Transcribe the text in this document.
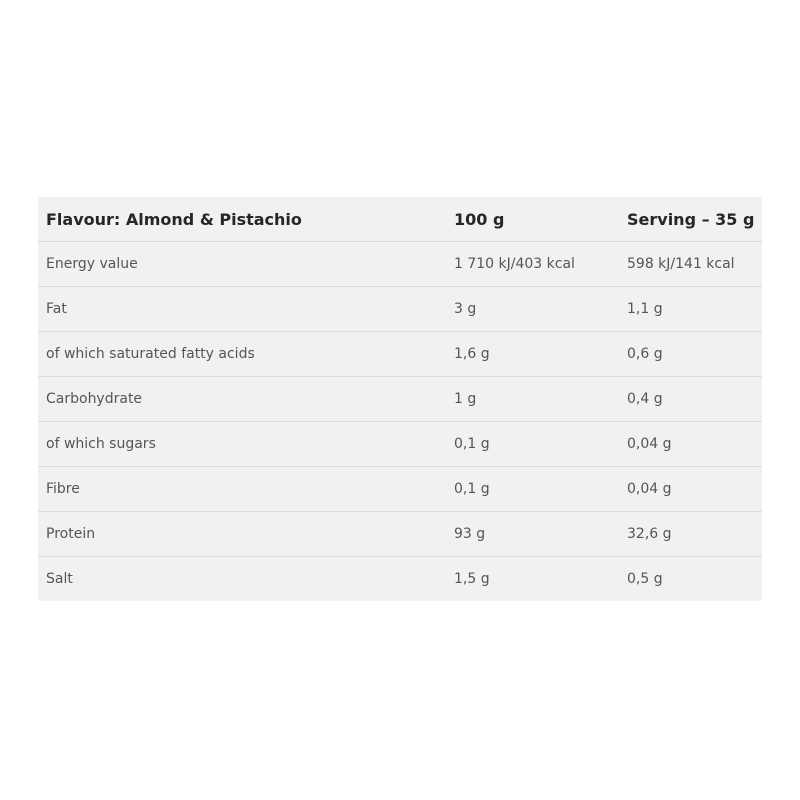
Flavour: Almond & Pistachio	100 g	Serving – 35 g
Energy value	1 710 kJ/403 kcal	598 kJ/141 kcal
Fat	3 g	1,1 g
of which saturated fatty acids	1,6 g	0,6 g
Carbohydrate	1 g	0,4 g
of which sugars	0,1 g	0,04 g
Fibre	0,1 g	0,04 g
Protein	93 g	32,6 g
Salt	1,5 g	0,5 g
